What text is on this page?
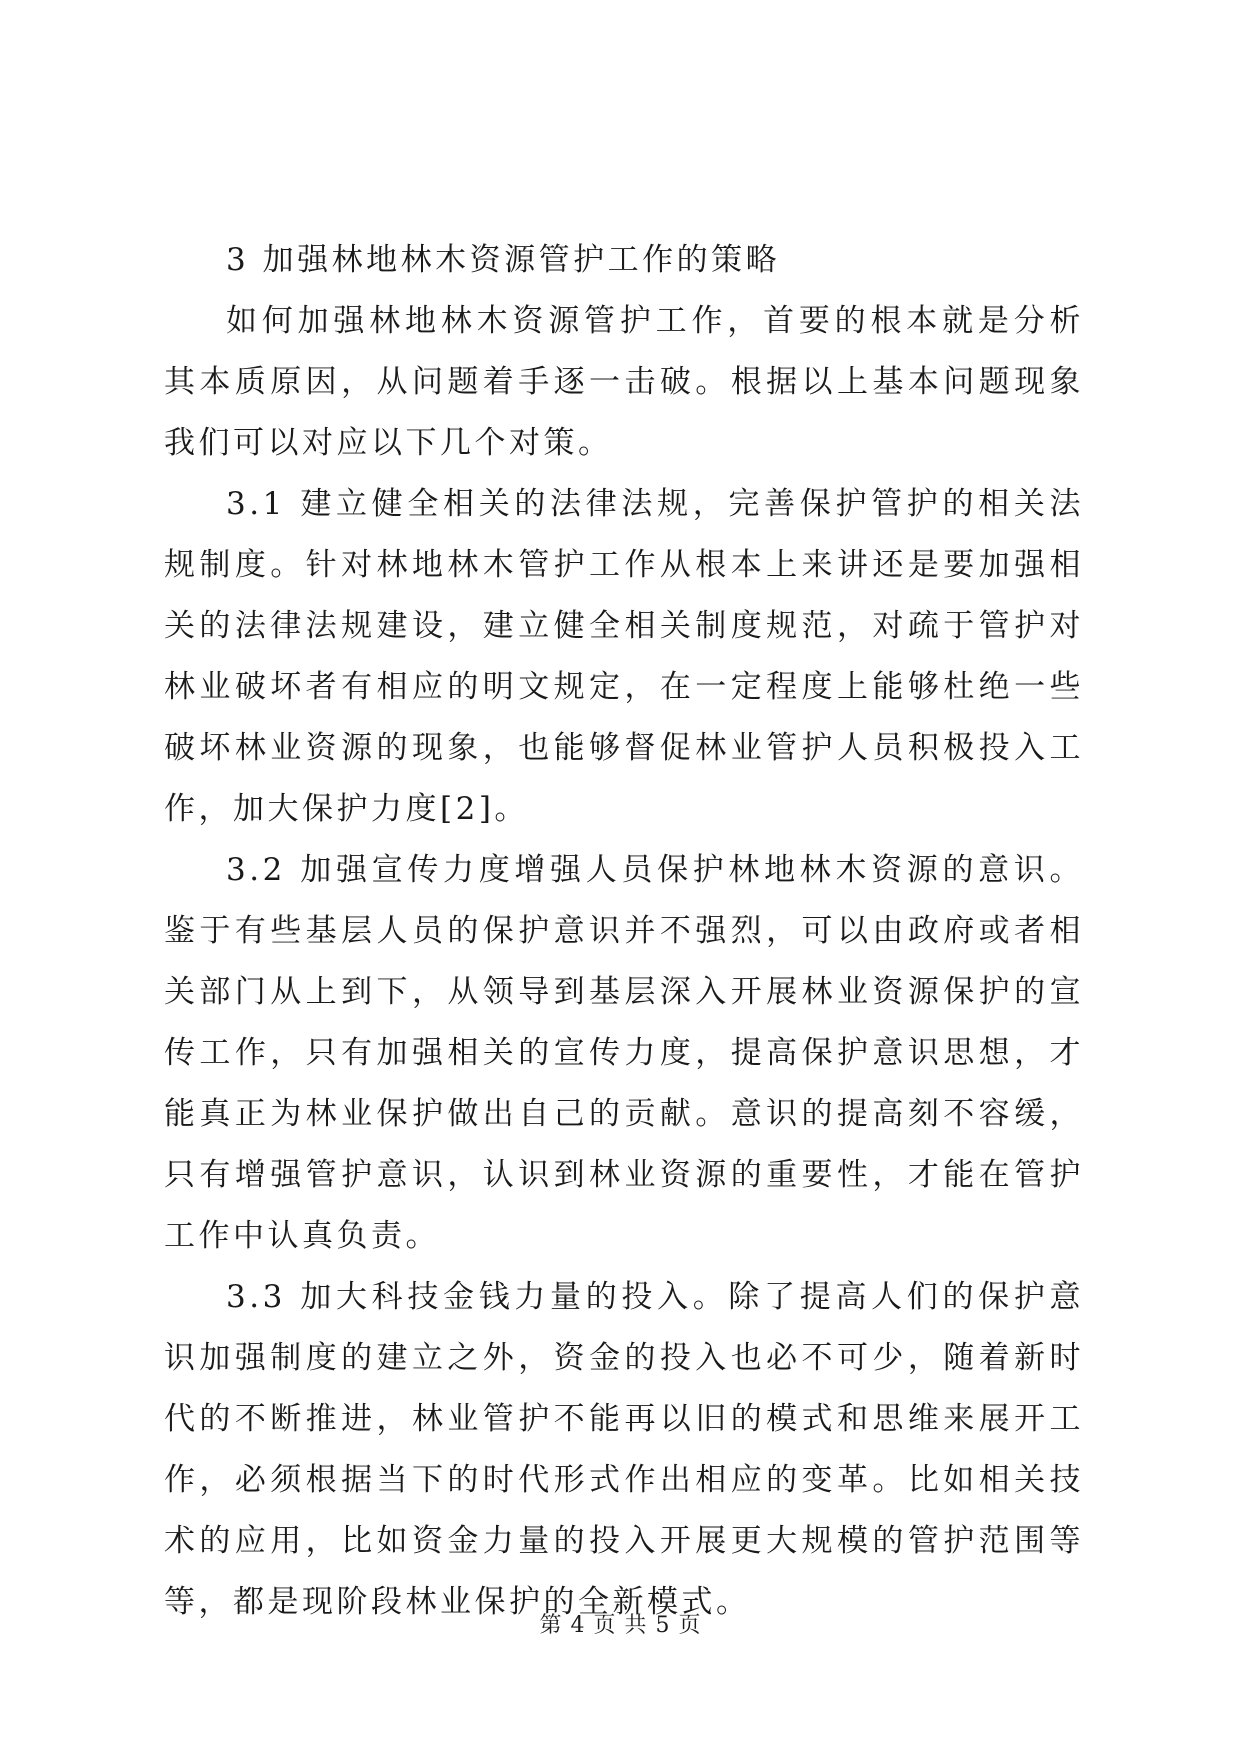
3 加强林地林木资源管护工作的策略

如何加强林地林木资源管护工作，首要的根本就是分析其本质原因，从问题着手逐一击破。根据以上基本问题现象我们可以对应以下几个对策。

3.1 建立健全相关的法律法规，完善保护管护的相关法规制度。针对林地林木管护工作从根本上来讲还是要加强相关的法律法规建设，建立健全相关制度规范，对疏于管护对林业破坏者有相应的明文规定，在一定程度上能够杜绝一些破坏林业资源的现象，也能够督促林业管护人员积极投入工作，加大保护力度[2]。

3.2 加强宣传力度增强人员保护林地林木资源的意识。鉴于有些基层人员的保护意识并不强烈，可以由政府或者相关部门从上到下，从领导到基层深入开展林业资源保护的宣传工作，只有加强相关的宣传力度，提高保护意识思想，才能真正为林业保护做出自己的贡献。意识的提高刻不容缓，只有增强管护意识，认识到林业资源的重要性，才能在管护工作中认真负责。

3.3 加大科技金钱力量的投入。除了提高人们的保护意识加强制度的建立之外，资金的投入也必不可少，随着新时代的不断推进，林业管护不能再以旧的模式和思维来展开工作，必须根据当下的时代形式作出相应的变革。比如相关技术的应用，比如资金力量的投入开展更大规模的管护范围等等，都是现阶段林业保护的全新模式。

第 4 页 共 5 页
